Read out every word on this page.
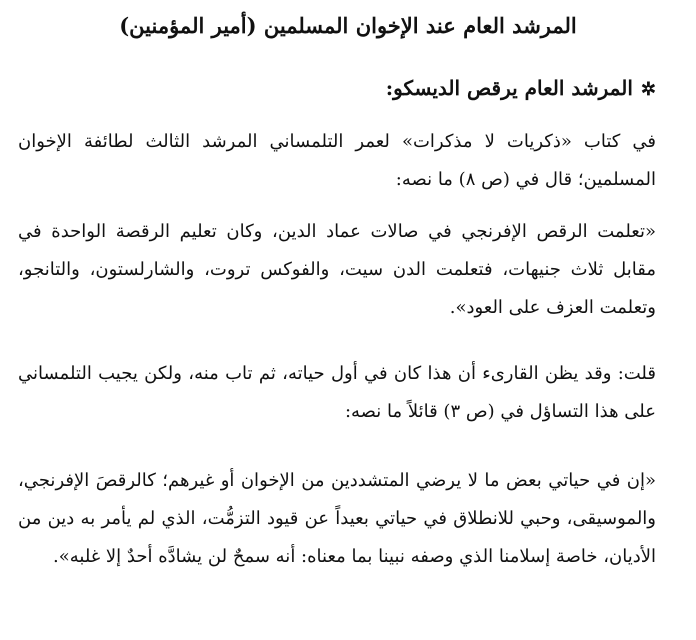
المرشد العام عند الإخوان المسلمين (أمير المؤمنين)
✲المرشد العام يرقص الديسكو:

في كتاب «ذكريات لا مذكرات» لعمر التلمساني المرشد الثالث لطائفة الإخوان المسلمين؛ قال في (ص ٨) ما نصه:

«تعلمت الرقص الإفرنجي في صالات عماد الدين، وكان تعليم الرقصة الواحدة في مقابل ثلاث جنيهات، فتعلمت الدن سيت، والفوكس تروت، والشارلستون، والتانجو، وتعلمت العزف على العود».

قلت: وقد يظن القارىء أن هذا كان في أول حياته، ثم تاب منه، ولكن يجيب التلمساني على هذا التساؤل في (ص ٣) قائلاً ما نصه:

«إن في حياتي بعض ما لا يرضي المتشددين من الإخوان أو غيرهم؛ كالرقصَ الإفرنجي، والموسيقى، وحبي للانطلاق في حياتي بعيداً عن قيود التزمُّت، الذي لم يأمر به دين من الأديان، خاصة إسلامنا الذي وصفه نبينا بما معناه: أنه سمحٌ لن يشادَّه أحدٌ إلا غلبه».
